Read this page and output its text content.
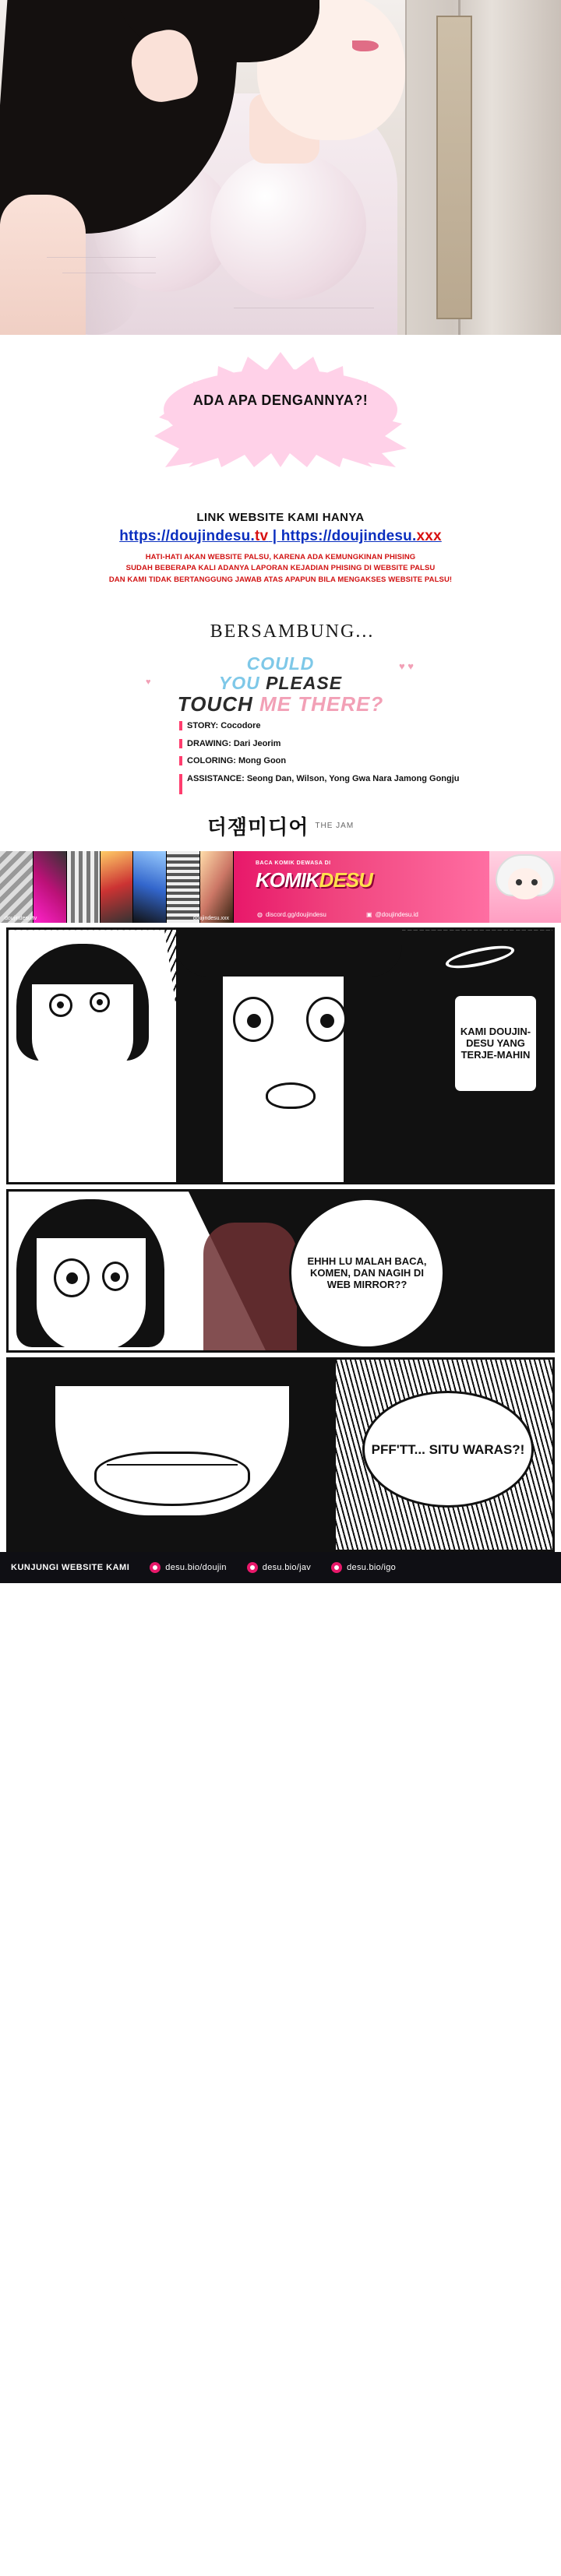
ADA APA DENGANNYA?!
LINK WEBSITE KAMI HANYA
https://doujindesu.tv | https://doujindesu.xxx
HATI-HATI AKAN WEBSITE PALSU, KARENA ADA KEMUNGKINAN PHISING
SUDAH BEBERAPA KALI ADANYA LAPORAN KEJADIAN PHISING DI WEBSITE PALSU
DAN KAMI TIDAK BERTANGGUNG JAWAB ATAS APAPUN BILA MENGAKSES WEBSITE PALSU!
BERSAMBUNG...
♥ ♥
♥
COULD
YOU PLEASE
TOUCH ME THERE?
STORY: Cocodore
DRAWING: Dari Jeorim
COLORING: Mong Goon
ASSISTANCE: Seong Dan, Wilson, Yong Gwa Nara Jamong Gongju
더잼미디어 THE JAM
doujindesu.tv	doujindesu.xxx
BACA KOMIK DEWASA DI
KOMIKDESU
◍ discord.gg/doujindesu	▣ @doujindesu.id
KAMI DOUJIN-DESU YANG TERJE-MAHIN
EHHH LU MALAH BACA, KOMEN, DAN NAGIH DI WEB MIRROR??
PFF'TT... SITU WARAS?!
KUNJUNGI WEBSITE KAMI	desu.bio/doujin	desu.bio/jav	desu.bio/igo
